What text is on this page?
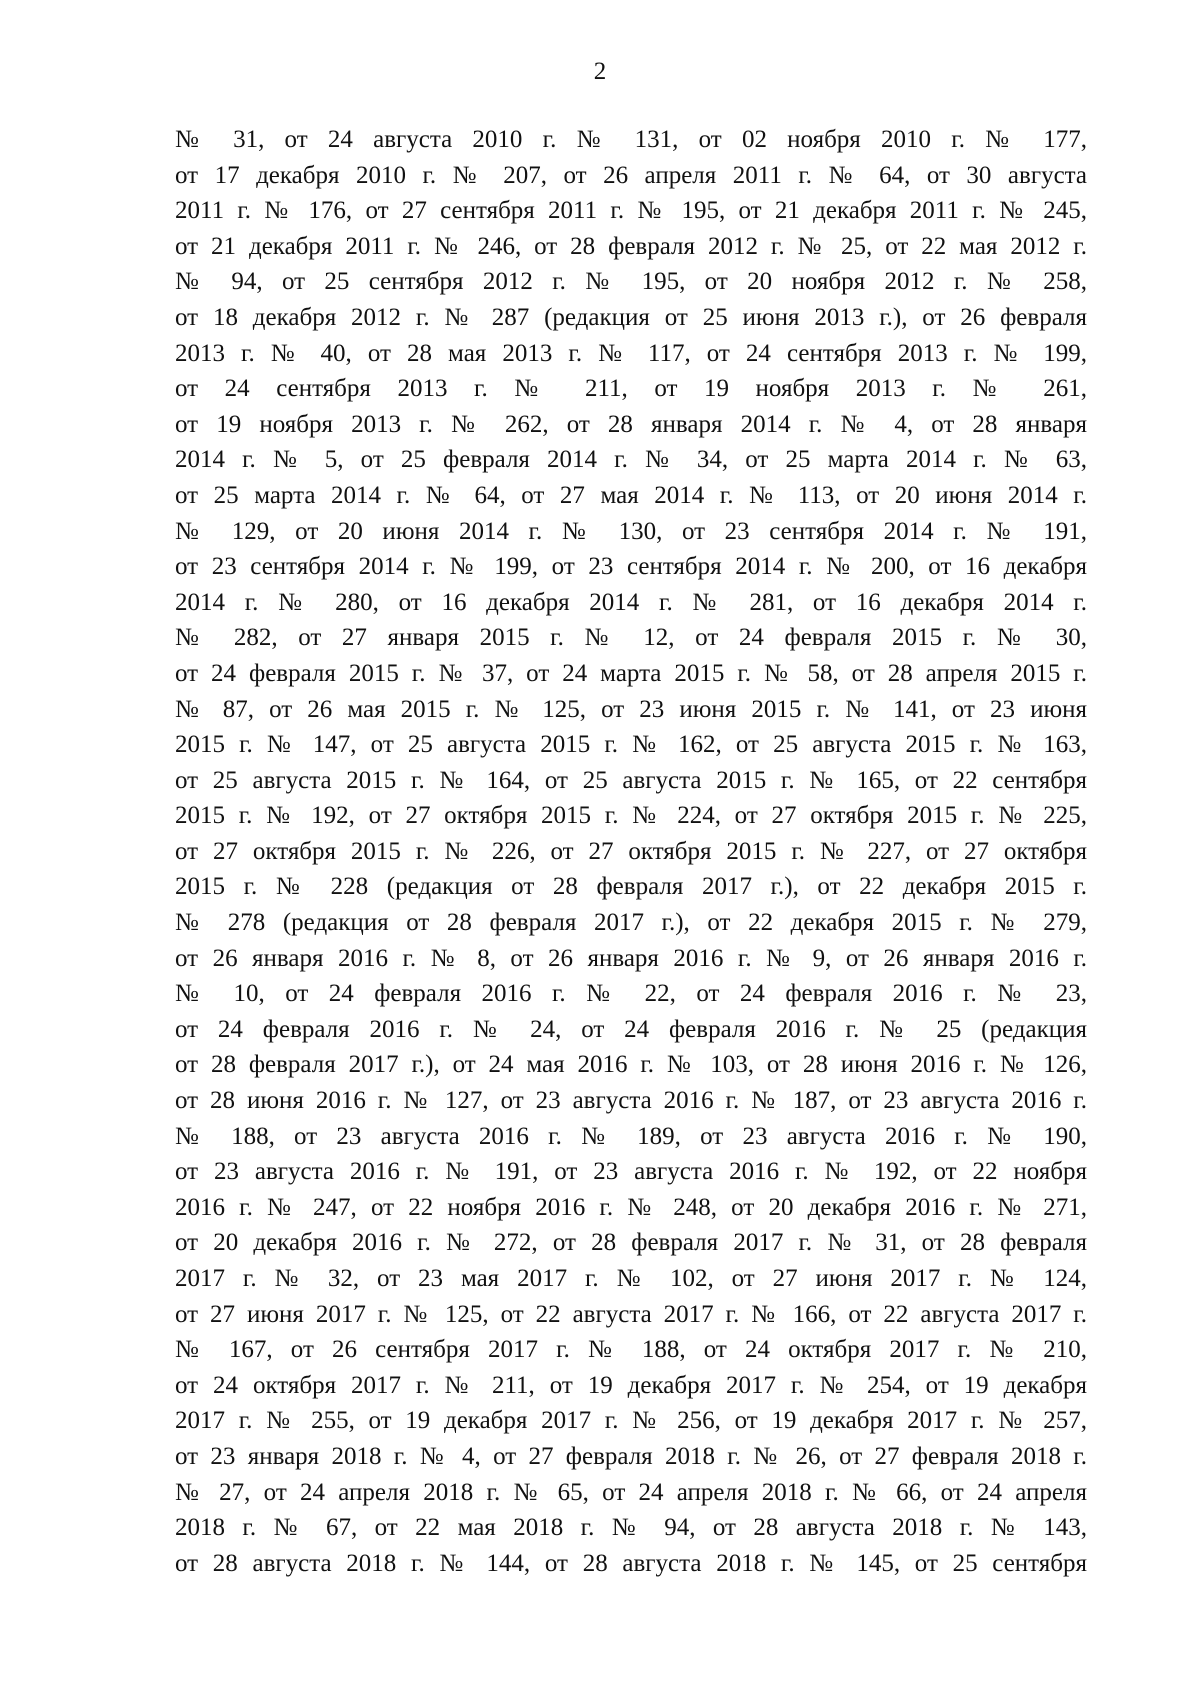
2
№ 31, от 24 августа 2010 г. № 131, от 02 ноября 2010 г. № 177,
от 17 декабря 2010 г. № 207, от 26 апреля 2011 г. № 64, от 30 августа
2011 г. № 176, от 27 сентября 2011 г. № 195, от 21 декабря 2011 г. № 245,
от 21 декабря 2011 г. № 246, от 28 февраля 2012 г. № 25, от 22 мая 2012 г.
№ 94, от 25 сентября 2012 г. № 195, от 20 ноября 2012 г. № 258,
от 18 декабря 2012 г. № 287 (редакция от 25 июня 2013 г.), от 26 февраля
2013 г. № 40, от 28 мая 2013 г. № 117, от 24 сентября 2013 г. № 199,
от 24 сентября 2013 г. № 211, от 19 ноября 2013 г. № 261,
от 19 ноября 2013 г. № 262, от 28 января 2014 г. № 4, от 28 января
2014 г. № 5, от 25 февраля 2014 г. № 34, от 25 марта 2014 г. № 63,
от 25 марта 2014 г. № 64, от 27 мая 2014 г. № 113, от 20 июня 2014 г.
№ 129, от 20 июня 2014 г. № 130, от 23 сентября 2014 г. № 191,
от 23 сентября 2014 г. № 199, от 23 сентября 2014 г. № 200, от 16 декабря
2014 г. № 280, от 16 декабря 2014 г. № 281, от 16 декабря 2014 г.
№ 282, от 27 января 2015 г. № 12, от 24 февраля 2015 г. № 30,
от 24 февраля 2015 г. № 37, от 24 марта 2015 г. № 58, от 28 апреля 2015 г.
№ 87, от 26 мая 2015 г. № 125, от 23 июня 2015 г. № 141, от 23 июня
2015 г. № 147, от 25 августа 2015 г. № 162, от 25 августа 2015 г. № 163,
от 25 августа 2015 г. № 164, от 25 августа 2015 г. № 165, от 22 сентября
2015 г. № 192, от 27 октября 2015 г. № 224, от 27 октября 2015 г. № 225,
от 27 октября 2015 г. № 226, от 27 октября 2015 г. № 227, от 27 октября
2015 г. № 228 (редакция от 28 февраля 2017 г.), от 22 декабря 2015 г.
№ 278 (редакция от 28 февраля 2017 г.), от 22 декабря 2015 г. № 279,
от 26 января 2016 г. № 8, от 26 января 2016 г. № 9, от 26 января 2016 г.
№ 10, от 24 февраля 2016 г. № 22, от 24 февраля 2016 г. № 23,
от 24 февраля 2016 г. № 24, от 24 февраля 2016 г. № 25 (редакция
от 28 февраля 2017 г.), от 24 мая 2016 г. № 103, от 28 июня 2016 г. № 126,
от 28 июня 2016 г. № 127, от 23 августа 2016 г. № 187, от 23 августа 2016 г.
№ 188, от 23 августа 2016 г. № 189, от 23 августа 2016 г. № 190,
от 23 августа 2016 г. № 191, от 23 августа 2016 г. № 192, от 22 ноября
2016 г. № 247, от 22 ноября 2016 г. № 248, от 20 декабря 2016 г. № 271,
от 20 декабря 2016 г. № 272, от 28 февраля 2017 г. № 31, от 28 февраля
2017 г. № 32, от 23 мая 2017 г. № 102, от 27 июня 2017 г. № 124,
от 27 июня 2017 г. № 125, от 22 августа 2017 г. № 166, от 22 августа 2017 г.
№ 167, от 26 сентября 2017 г. № 188, от 24 октября 2017 г. № 210,
от 24 октября 2017 г. № 211, от 19 декабря 2017 г. № 254, от 19 декабря
2017 г. № 255, от 19 декабря 2017 г. № 256, от 19 декабря 2017 г. № 257,
от 23 января 2018 г. № 4, от 27 февраля 2018 г. № 26, от 27 февраля 2018 г.
№ 27, от 24 апреля 2018 г. № 65, от 24 апреля 2018 г. № 66, от 24 апреля
2018 г. № 67, от 22 мая 2018 г. № 94, от 28 августа 2018 г. № 143,
от 28 августа 2018 г. № 144, от 28 августа 2018 г. № 145, от 25 сентября
